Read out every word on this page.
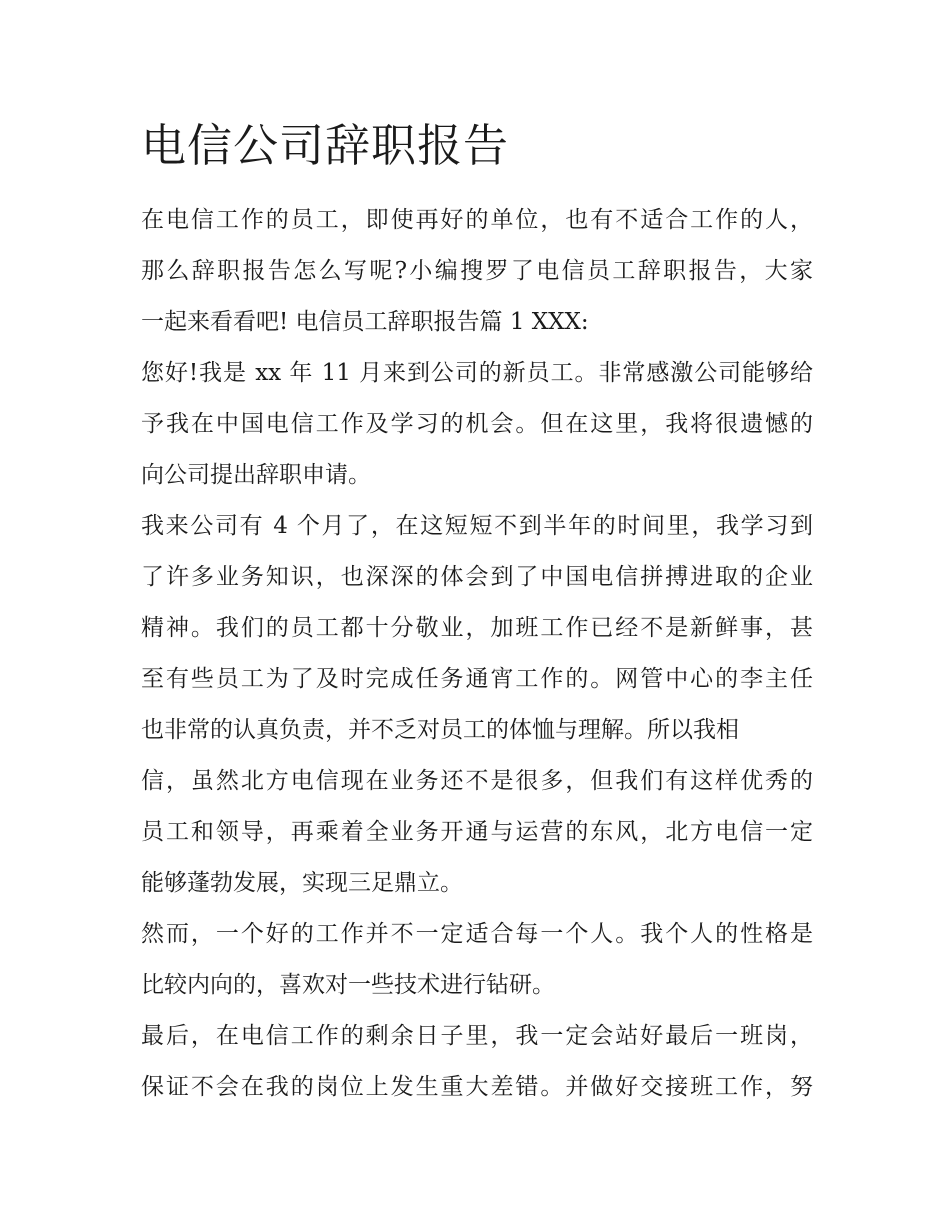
电信公司辞职报告

在电信工作的员工，即使再好的单位，也有不适合工作的人，
那么辞职报告怎么写呢?小编搜罗了电信员工辞职报告，大家
一起来看看吧! 电信员工辞职报告篇 1 XXX:

您好!我是 xx 年 11 月来到公司的新员工。非常感激公司能够给
予我在中国电信工作及学习的机会。但在这里，我将很遗憾的
向公司提出辞职申请。

我来公司有 4 个月了，在这短短不到半年的时间里，我学习到
了许多业务知识，也深深的体会到了中国电信拼搏进取的企业
精神。我们的员工都十分敬业，加班工作已经不是新鲜事，甚
至有些员工为了及时完成任务通宵工作的。网管中心的李主任
也非常的认真负责，并不乏对员工的体恤与理解。所以我相
信，虽然北方电信现在业务还不是很多，但我们有这样优秀的
员工和领导，再乘着全业务开通与运营的东风，北方电信一定
能够蓬勃发展，实现三足鼎立。

然而，一个好的工作并不一定适合每一个人。我个人的性格是
比较内向的，喜欢对一些技术进行钻研。

最后，在电信工作的剩余日子里，我一定会站好最后一班岗，
保证不会在我的岗位上发生重大差错。并做好交接班工作，努
